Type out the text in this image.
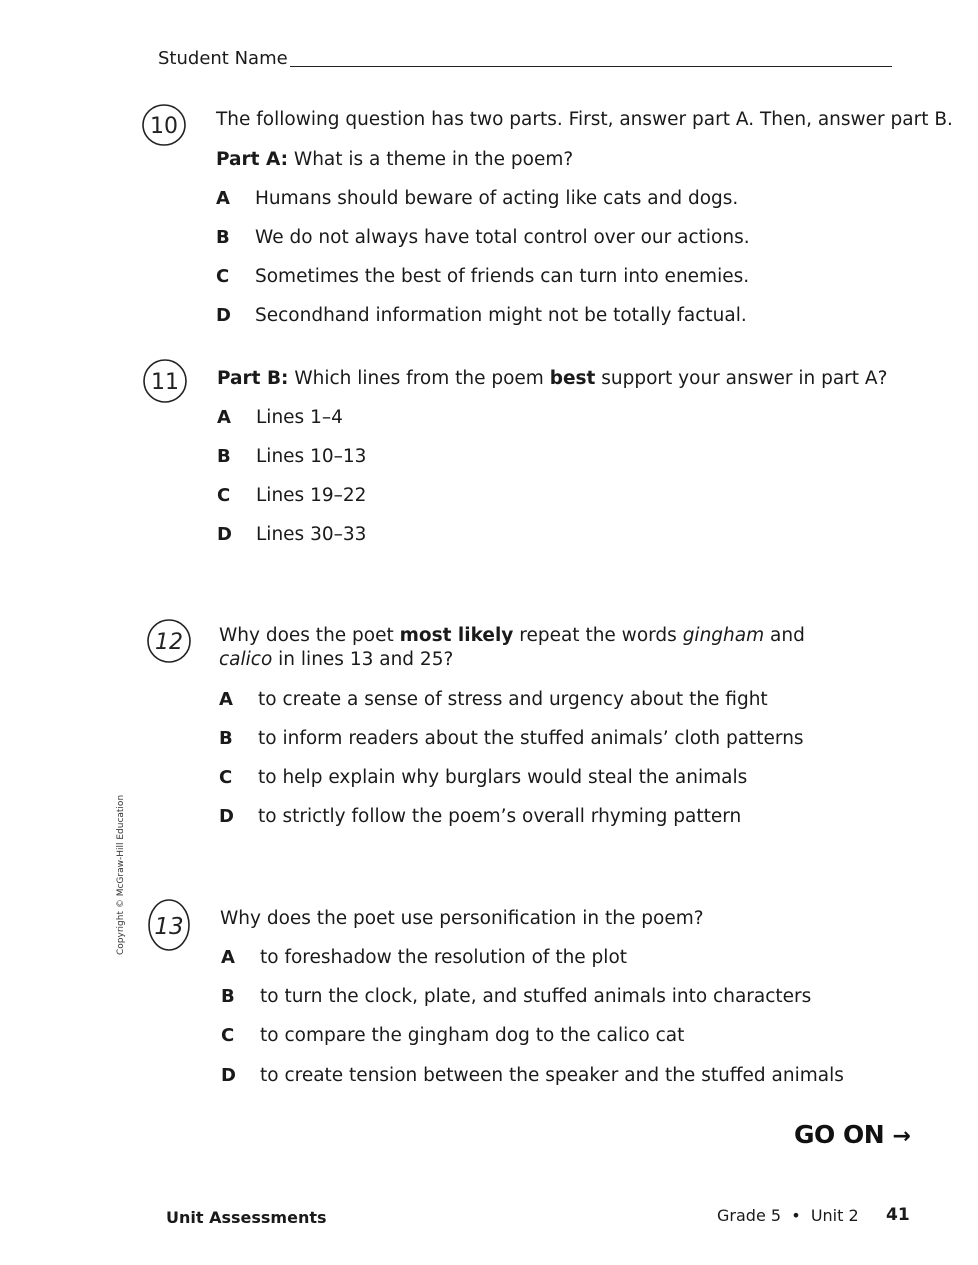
Student Name
10 The following question has two parts. First, answer part A. Then, answer part B.
Part A: What is a theme in the poem?
A Humans should beware of acting like cats and dogs.
B We do not always have total control over our actions.
C Sometimes the best of friends can turn into enemies.
D Secondhand information might not be totally factual.
11 Part B: Which lines from the poem best support your answer in part A?
A Lines 1–4
B Lines 10–13
C Lines 19–22
D Lines 30–33
12 Why does the poet most likely repeat the words gingham and calico in lines 13 and 25?
A to create a sense of stress and urgency about the fight
B to inform readers about the stuffed animals’ cloth patterns
C to help explain why burglars would steal the animals
D to strictly follow the poem’s overall rhyming pattern
13 Why does the poet use personification in the poem?
A to foreshadow the resolution of the plot
B to turn the clock, plate, and stuffed animals into characters
C to compare the gingham dog to the calico cat
D to create tension between the speaker and the stuffed animals
GO ON →
Unit Assessments	Grade 5  •  Unit 2 41
Copyright © McGraw-Hill Education
